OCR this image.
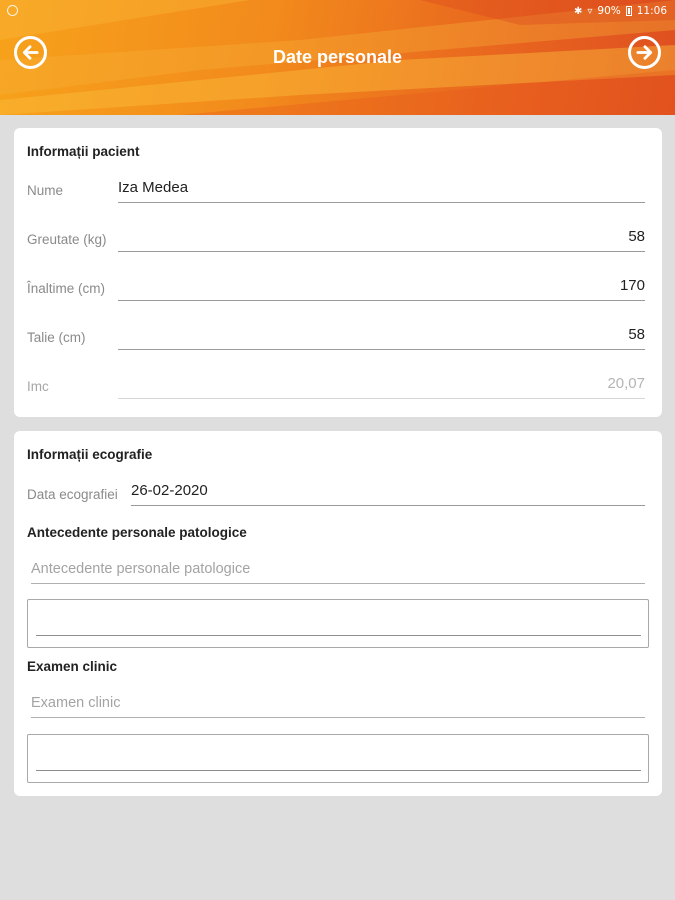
✱ ▿ 90% 11:06
Date personale
Informații pacient
Nume	Iza Medea
Greutate (kg)	58
Înaltime (cm)	170
Talie (cm)	58
Imc	20,07
Informații ecografie
Data ecografiei 26-02-2020
Antecedente personale patologice
Antecedente personale patologice
Examen clinic
Examen clinic
